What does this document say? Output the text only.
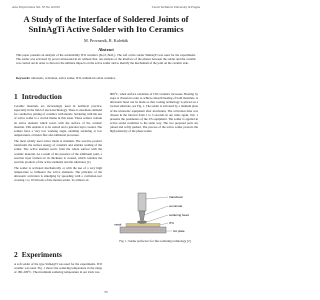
Acta Polytechnica Vol. 50 No. 6/2010	Czech Technical University in Prague
A Study of the Interface of Soldered Joints of SnInAgTi Active Solder with Ito Ceramics
M. Provazník, R. Koleňák
Abstract
This paper presents an analysis of the solderability ITO ceramics (In₂O₃/SnO₂). The soft active solder SnInAgTi was used for the experiments. The solder was activated by power ultrasound in air without flux. An analysis of the interface of the phases between the solder and the ceramic was carried out in order to discover the ultimate impacts on the active solder and to identify the mechanism of the joint on the ceramic side.
Keywords: ultrasonic, activation, active solder, ITO, indium-tin oxide ceramics.
1 Introduction

Ceramic materials are increasingly used in technical practice, especially in the field of electrotechnology. There is enormous demand for conductive joining of ceramics with metals. Soldering with the use of active solder is a crucial theme in this issue. These solders contain an active element which reacts with the surface of the ceramic material. This enables it to be wetted and a junction layer created. The solders have a very low working angle, enabling soldering at low temperatures, obviates flux and additional processes.

The most widely used active metal is titanium. The reactive product transforms the surface energy of ceramics and enables wetting of the solder. The active element reacts from the whole surface with the ceramic material. As a result of the presence of the additional joint, a reaction layer formed on its thickness is created, which contains the reaction products of the active elements and the substrates [1].

The solder is activated mechanically or with the use of a very high temperature to influence the active elements. The principle of the ultrasonic activation is smudging by spreading with a cavitation-tool crossing 1 to 10 microns of the molten solder. To achieve an

800°C, when surface oxidation of ITO ceramics increases. Heating by steps is chosen in order to achieve smooth heating of both materials. A ultrasonic head can be made so that cooling technology is placed on a located substrate, see Fig. 1. The solder is activated by a titanium plate of the ultrasonic equipment after incubation. The activation time was chosen in the interval from 1 to 3 seconds in our trials again. Tab. 1 presents the parameters of the US equipment. The solder is applied in active sound condition to the same way. The two prepared parts are joined and softly pushed. The process of the active solder protects the high plasticity of the phase solder.

2 Experiments

A soft solder of the type SnInAgTi was used for the experiments. ITO ceramic was used. Fig. 1 shows the soldering temperature in the range of 180–200°C. The maximum soldering temperature in our trials was

transducer
sonotrode
soldering head
ITO
hot plate
metal
Fig. 1: Solder prefactors for fine soldering technology [2]
55
